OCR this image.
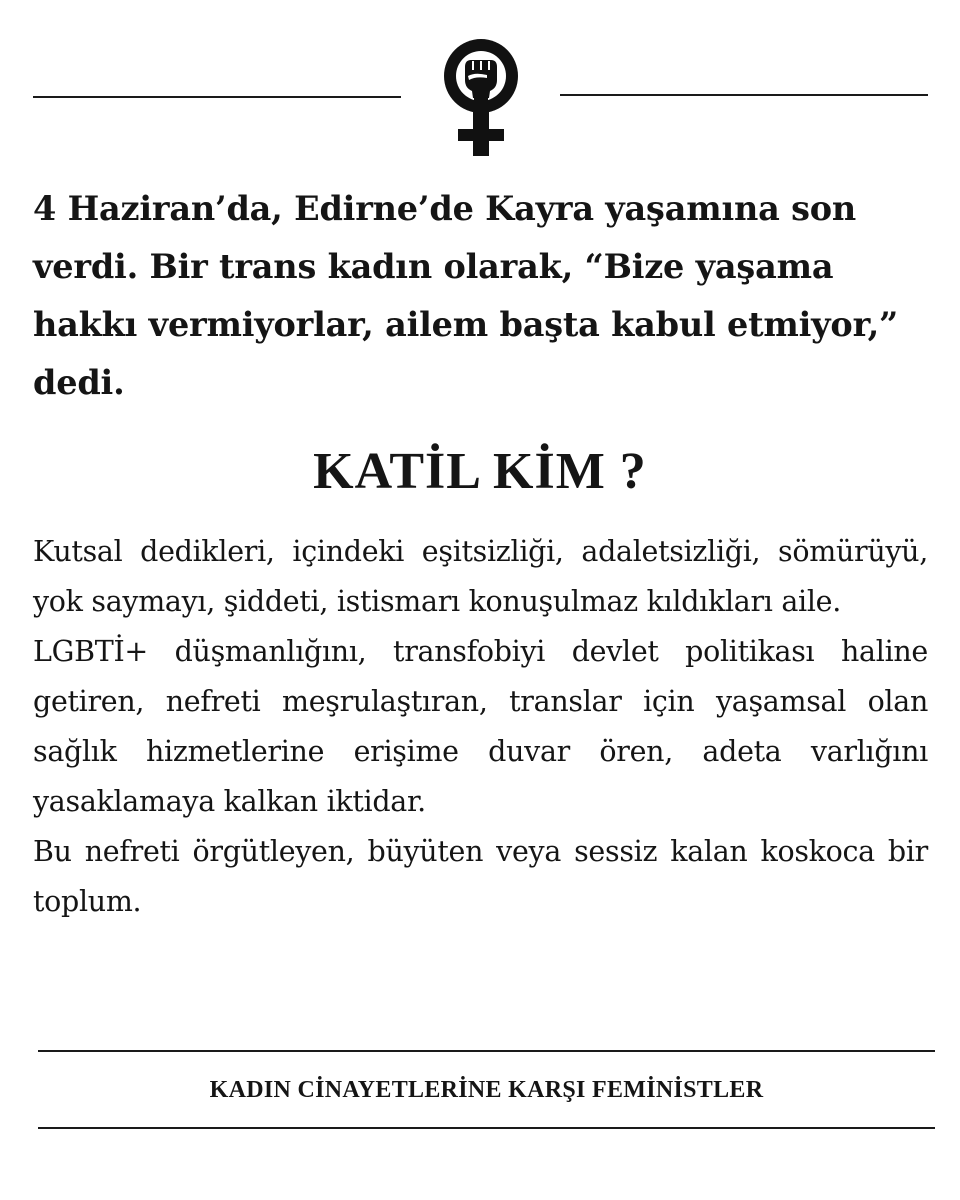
4 Haziran’da, Edirne’de Kayra yaşamına son verdi. Bir trans kadın olarak, “Bize yaşama hakkı vermiyorlar, ailem başta kabul etmiyor,” dedi.

KATİL KİM ?

Kutsal dedikleri, içindeki eşitsizliği, adaletsizliği, sömürüyü, yok saymayı, şiddeti, istismarı konuşulmaz kıldıkları aile.

LGBTİ+ düşmanlığını, transfobiyi devlet politikası haline getiren, nefreti meşrulaştıran, translar için yaşamsal olan sağlık hizmetlerine erişime duvar ören, adeta varlığını yasaklamaya kalkan iktidar.

Bu nefreti örgütleyen, büyüten veya sessiz kalan koskoca bir toplum.

KADIN CİNAYETLERİNE KARŞI FEMİNİSTLER
